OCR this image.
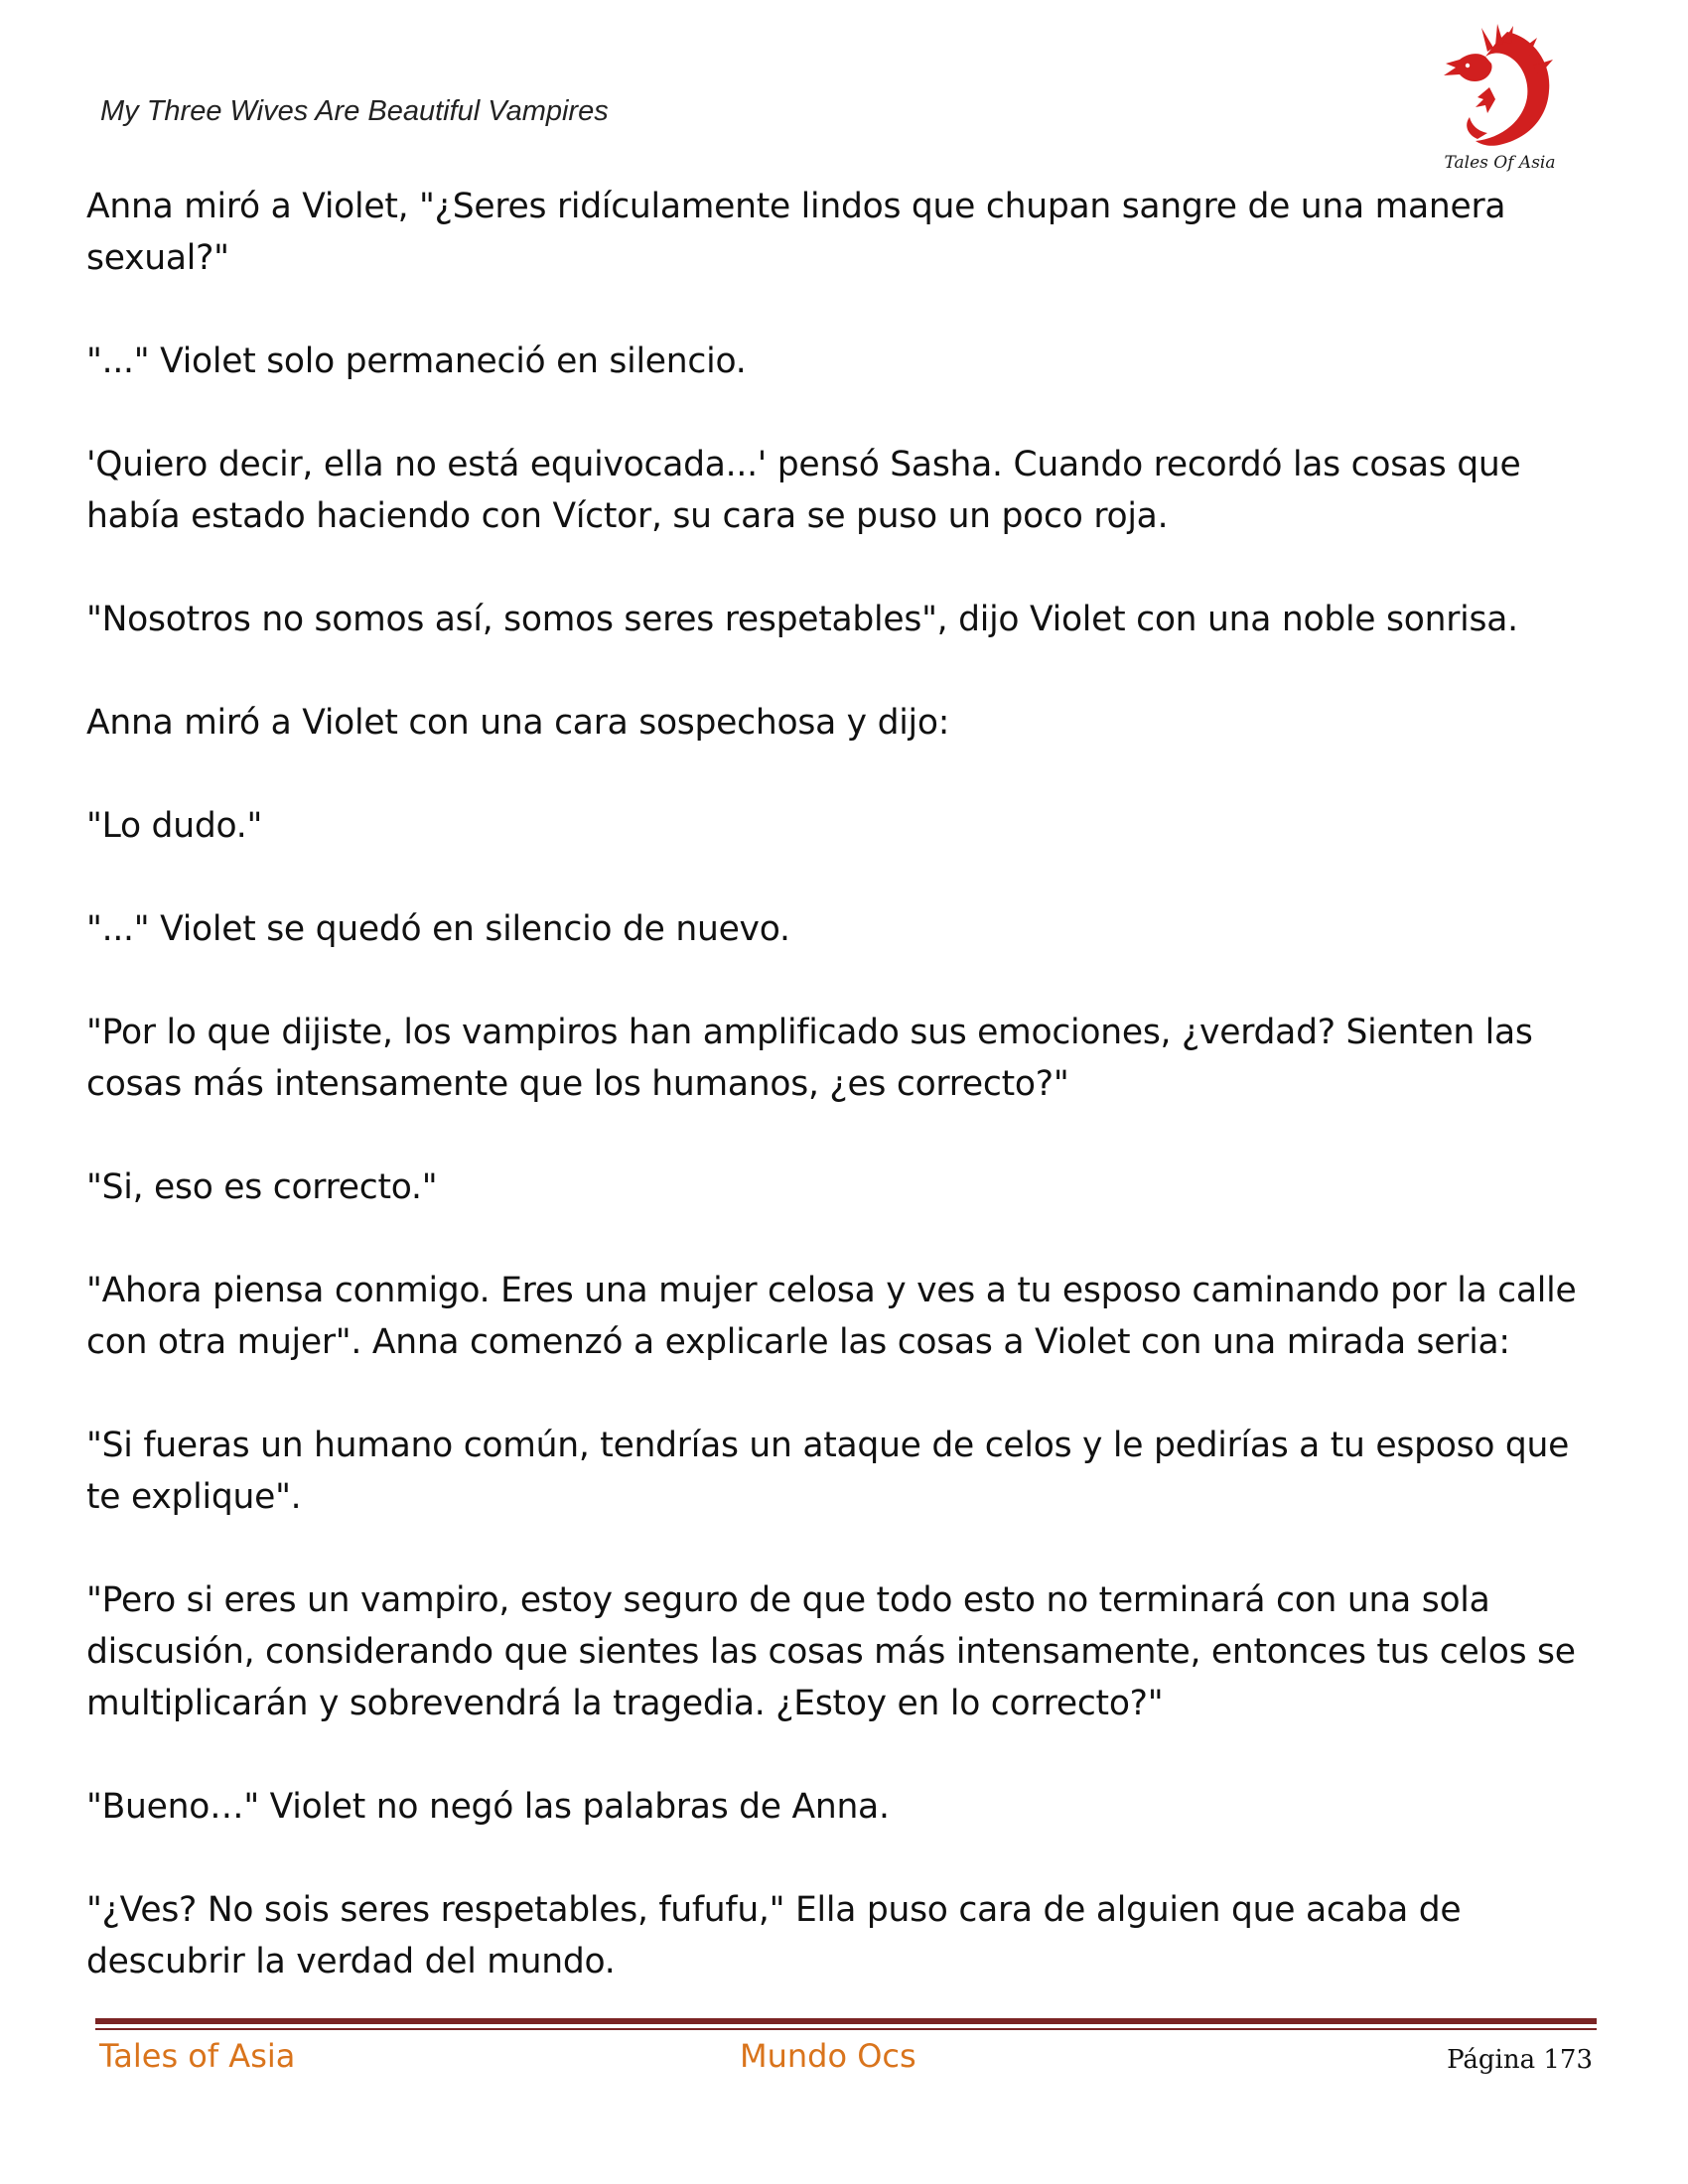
My Three Wives Are Beautiful Vampires
Tales Of Asia

Anna miró a Violet, "¿Seres ridículamente lindos que chupan sangre de una manera sexual?"

"..." Violet solo permaneció en silencio.

'Quiero decir, ella no está equivocada...' pensó Sasha. Cuando recordó las cosas que había estado haciendo con Víctor, su cara se puso un poco roja.

"Nosotros no somos así, somos seres respetables", dijo Violet con una noble sonrisa.

Anna miró a Violet con una cara sospechosa y dijo:

"Lo dudo."

"..." Violet se quedó en silencio de nuevo.

"Por lo que dijiste, los vampiros han amplificado sus emociones, ¿verdad? Sienten las cosas más intensamente que los humanos, ¿es correcto?"

"Si, eso es correcto."

"Ahora piensa conmigo. Eres una mujer celosa y ves a tu esposo caminando por la calle con otra mujer". Anna comenzó a explicarle las cosas a Violet con una mirada seria:

"Si fueras un humano común, tendrías un ataque de celos y le pedirías a tu esposo que te explique".

"Pero si eres un vampiro, estoy seguro de que todo esto no terminará con una sola discusión, considerando que sientes las cosas más intensamente, entonces tus celos se multiplicarán y sobrevendrá la tragedia. ¿Estoy en lo correcto?"

"Bueno…" Violet no negó las palabras de Anna.

"¿Ves? No sois seres respetables, fufufu," Ella puso cara de alguien que acaba de descubrir la verdad del mundo.

Tales of Asia	Mundo Ocs	Página 173
